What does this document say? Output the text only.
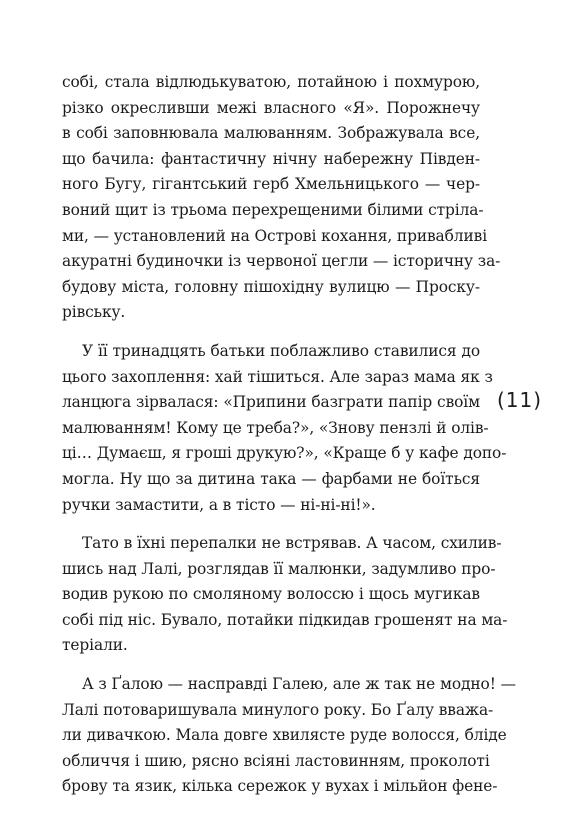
собі, стала відлюдькуватою, потайною і похмурою,
різко окресливши межі власного «Я». Порожнечу
в собі заповнювала малюванням. Зображувала все,
що бачила: фантастичну нічну набережну Півден-
ного Бугу, гігантський герб Хмельницького — чер-
воний щит із трьома перехрещеними білими стріла-
ми, — установлений на Острові кохання, привабливі
акуратні будиночки із червоної цегли — історичну за-
будову міста, головну пішохідну вулицю — Проску-
рівську.

У її тринадцять батьки поблажливо ставилися до
цього захоплення: хай тішиться. Але зараз мама як з
ланцюга зірвалася: «Припини базграти папір своїм
малюванням! Кому це треба?», «Знову пензлі й олів-
ці… Думаєш, я гроші друкую?», «Краще б у кафе допо-
могла. Ну що за дитина така — фарбами не боїться
ручки замастити, а в тісто — ні-ні-ні!».

Тато в їхні перепалки не встрявав. А часом, схилив-
шись над Лалі, розглядав її малюнки, задумливо про-
водив рукою по смоляному волоссю і щось мугикав
собі під ніс. Бувало, потайки підкидав грошенят на ма-
теріали.

А з Ґалою — насправді Галею, але ж так не модно! —
Лалі потоваришувала минулого року. Бо Ґалу вважа-
ли дивачкою. Мала довге хвилясте руде волосся, бліде
обличчя і шию, рясно всіяні ластовинням, проколоті
брову та язик, кілька сережок у вухах і мільйон фене-

(11)
